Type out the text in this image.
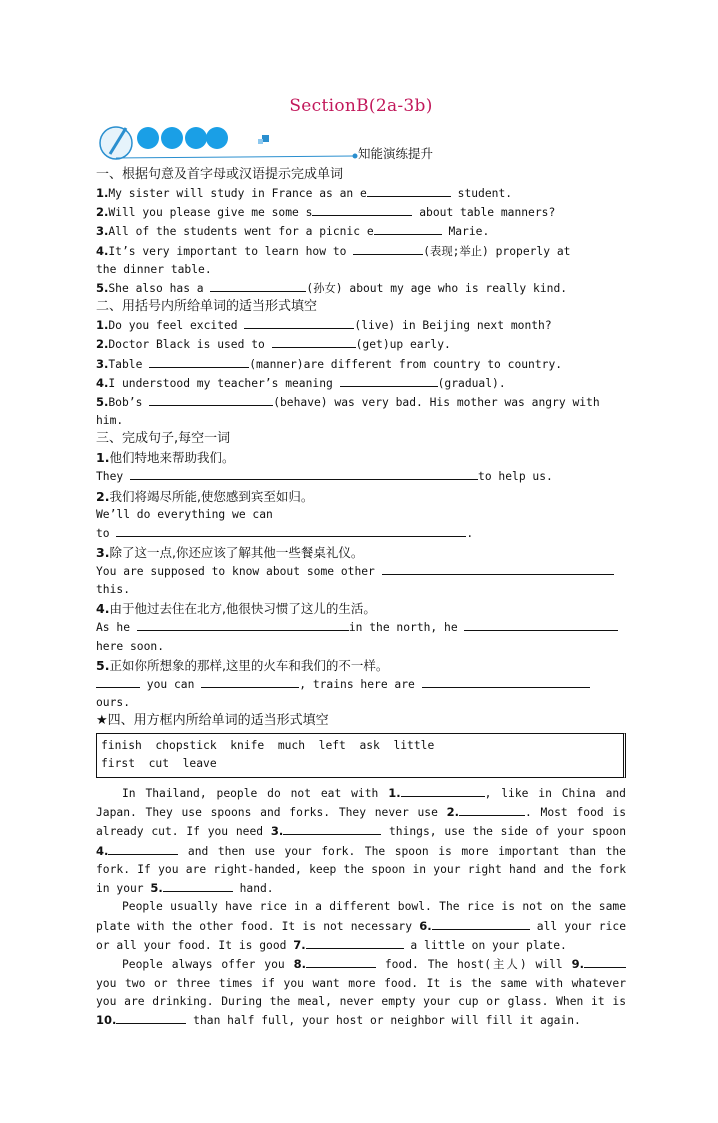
SectionB(2a-3b)
知能演练提升

一、根据句意及首字母或汉语提示完成单词

1.My sister will study in France as an e	student.

2.Will you please give me some s	about table manners?

3.All of the students went for a picnic e	Marie.

4.It’s very important to learn how to	(表现;举止) properly at

the dinner table.

5.She also has a	(孙女) about my age who is really kind.

二、用括号内所给单词的适当形式填空

1.Do you feel excited	(live) in Beijing next month?

2.Doctor Black is used to	(get)up early.

3.Table	(manner)are different from country to country.

4.I understood my teacher’s meaning	(gradual).

5.Bob’s	(behave) was very bad. His mother was angry with

him.

三、完成句子,每空一词

1.他们特地来帮助我们。

They	to help us.

2.我们将竭尽所能,使您感到宾至如归。

We’ll do everything we can

to	.

3.除了这一点,你还应该了解其他一些餐桌礼仪。

You are supposed to know about some other

this.

4.由于他过去住在北方,他很快习惯了这儿的生活。

As he	in the north, he

here soon.

5.正如你所想象的那样,这里的火车和我们的不一样。

you can	, trains here are

ours.

★四、用方框内所给单词的适当形式填空

finish  chopstick  knife  much  left  ask  little

first  cut  leave

In Thailand, people do not eat with 1.	, like in China and Japan. They use spoons and forks. They never use 2.	. Most food is already cut. If you need 3.	things, use the side of your spoon 4.	and then use your fork. The spoon is more important than the fork. If you are right-handed, keep the spoon in your right hand and the fork in your 5.	hand.

People usually have rice in a different bowl. The rice is not on the same plate with the other food. It is not necessary 6.	all your rice or all your food. It is good 7.	a little on your plate.

People always offer you 8.	food. The host(主人) will 9. you two or three times if you want more food. It is the same with whatever you are drinking. During the meal, never empty your cup or glass. When it is 10.	than half full, your host or neighbor will fill it again.
